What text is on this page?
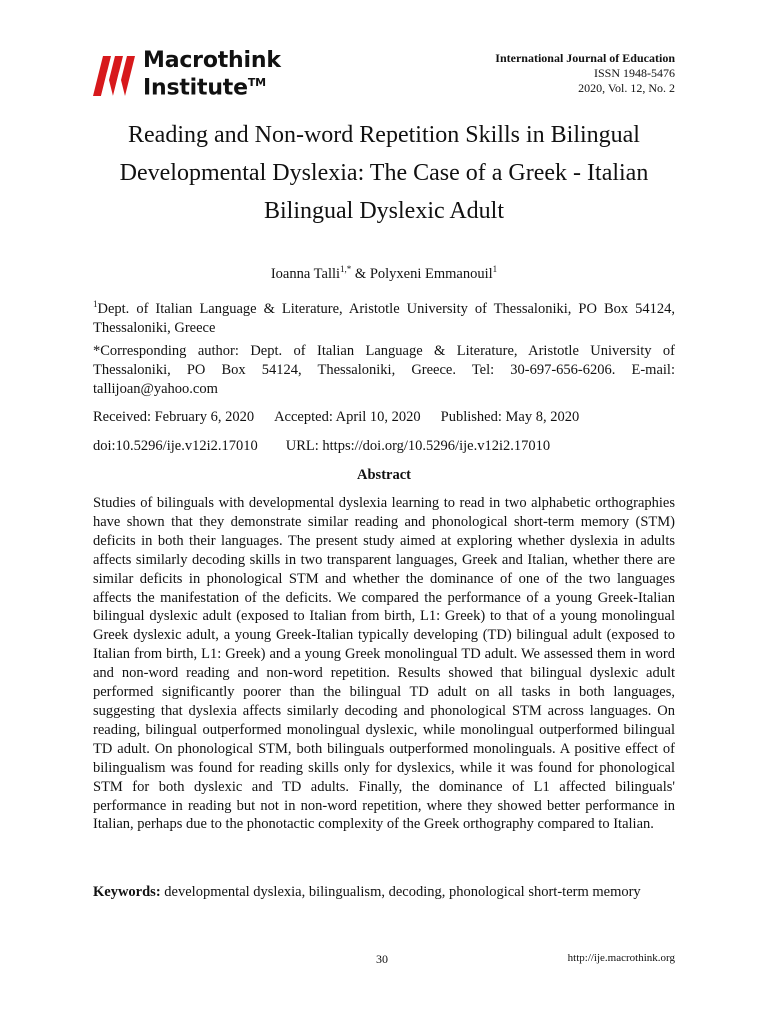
Macrothink
Institute™
International Journal of Education
ISSN 1948-5476
2020, Vol. 12, No. 2
Reading and Non-word Repetition Skills in Bilingual Developmental Dyslexia: The Case of a Greek - Italian Bilingual Dyslexic Adult
Ioanna Talli$^{1,*}$ & Polyxeni Emmanouil$^1$
$^1$Dept. of Italian Language & Literature, Aristotle University of Thessaloniki, PO Box 54124, Thessaloniki, Greece
*Corresponding author: Dept. of Italian Language & Literature, Aristotle University of Thessaloniki, PO Box 54124, Thessaloniki, Greece. Tel: 30-697-656-6206. E-mail: tallijoan@yahoo.com
Received: February 6, 2020 Accepted: April 10, 2020 Published: May 8, 2020
doi:10.5296/ije.v12i2.17010 URL: https://doi.org/10.5296/ije.v12i2.17010
Abstract
Studies of bilinguals with developmental dyslexia learning to read in two alphabetic orthographies have shown that they demonstrate similar reading and phonological short-term memory (STM) deficits in both their languages. The present study aimed at exploring whether dyslexia in adults affects similarly decoding skills in two transparent languages, Greek and Italian, whether there are similar deficits in phonological STM and whether the dominance of one of the two languages affects the manifestation of the deficits. We compared the performance of a young Greek-Italian bilingual dyslexic adult (exposed to Italian from birth, L1: Greek) to that of a young monolingual Greek dyslexic adult, a young Greek-Italian typically developing (TD) bilingual adult (exposed to Italian from birth, L1: Greek) and a young Greek monolingual TD adult. We assessed them in word and non-word reading and non-word repetition. Results showed that bilingual dyslexic adult performed significantly poorer than the bilingual TD adult on all tasks in both languages, suggesting that dyslexia affects similarly decoding and phonological STM across languages. On reading, bilingual outperformed monolingual dyslexic, while monolingual outperformed bilingual TD adult. On phonological STM, both bilinguals outperformed monolinguals. A positive effect of bilingualism was found for reading skills only for dyslexics, while it was found for phonological STM for both dyslexic and TD adults. Finally, the dominance of L1 affected bilinguals' performance in reading but not in non-word repetition, where they showed better performance in Italian, perhaps due to the phonotactic complexity of the Greek orthography compared to Italian.
Keywords: developmental dyslexia, bilingualism, decoding, phonological short-term memory
30	http://ije.macrothink.org
